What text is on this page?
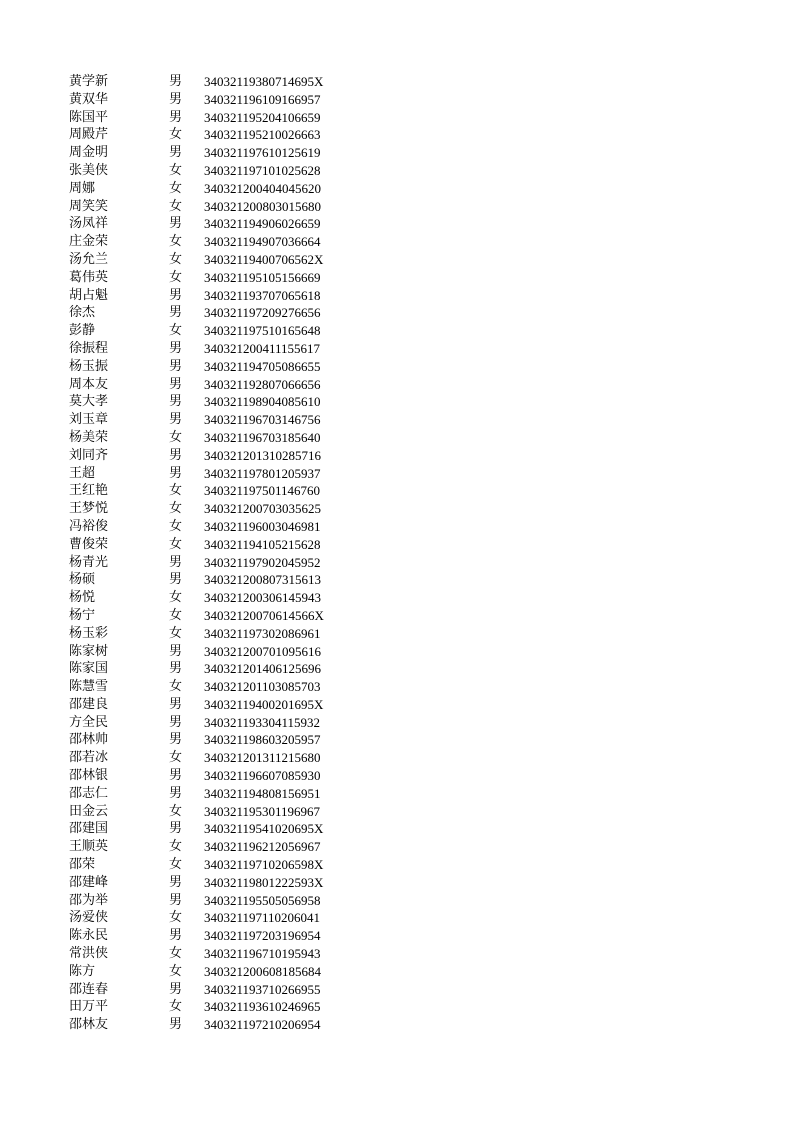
黄学新	男	34032119380714695X
黄双华	男	340321196109166957
陈国平	男	340321195204106659
周殿芹	女	340321195210026663
周金明	男	340321197610125619
张美侠	女	340321197101025628
周娜	女	340321200404045620
周笑笑	女	340321200803015680
汤凤祥	男	340321194906026659
庄金荣	女	340321194907036664
汤允兰	女	34032119400706562X
葛伟英	女	340321195105156669
胡占魁	男	340321193707065618
徐杰	男	340321197209276656
彭静	女	340321197510165648
徐振程	男	340321200411155617
杨玉振	男	340321194705086655
周本友	男	340321192807066656
莫大孝	男	340321198904085610
刘玉章	男	340321196703146756
杨美荣	女	340321196703185640
刘同齐	男	340321201310285716
王超	男	340321197801205937
王红艳	女	340321197501146760
王梦悦	女	340321200703035625
冯裕俊	女	340321196003046981
曹俊荣	女	340321194105215628
杨青光	男	340321197902045952
杨硕	男	340321200807315613
杨悦	女	340321200306145943
杨宁	女	34032120070614566X
杨玉彩	女	340321197302086961
陈家树	男	340321200701095616
陈家国	男	340321201406125696
陈慧雪	女	340321201103085703
邵建良	男	34032119400201695X
方全民	男	340321193304115932
邵林帅	男	340321198603205957
邵若冰	女	340321201311215680
邵林银	男	340321196607085930
邵志仁	男	340321194808156951
田金云	女	340321195301196967
邵建国	男	34032119541020695X
王顺英	女	340321196212056967
邵荣	女	34032119710206598X
邵建峰	男	34032119801222593X
邵为举	男	340321195505056958
汤爱侠	女	340321197110206041
陈永民	男	340321197203196954
常洪侠	女	340321196710195943
陈方	女	340321200608185684
邵连春	男	340321193710266955
田万平	女	340321193610246965
邵林友	男	340321197210206954
